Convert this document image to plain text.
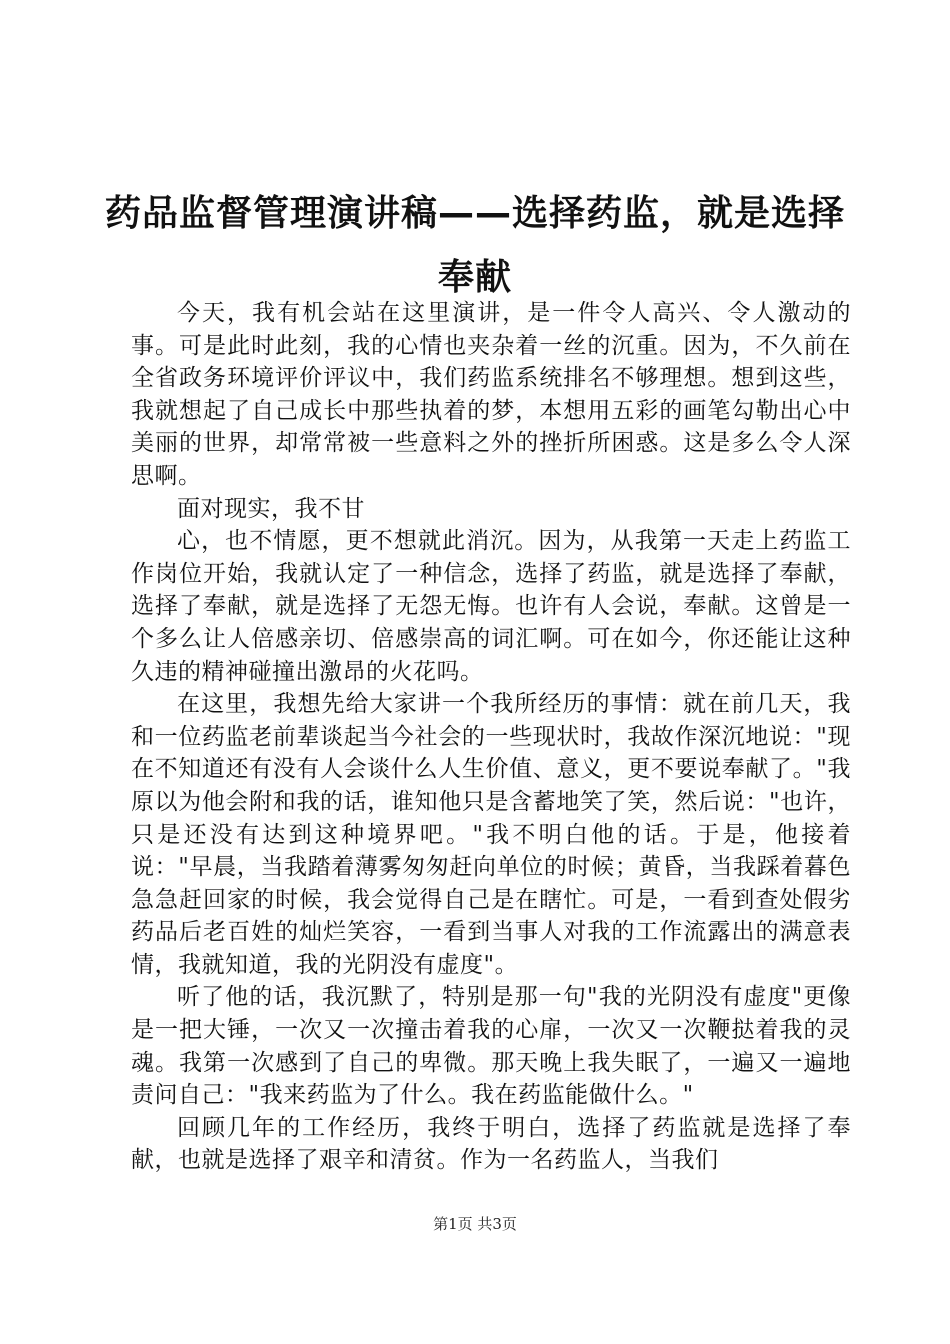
药品监督管理演讲稿——选择药监，就是选择奉献

今天，我有机会站在这里演讲，是一件令人高兴、令人激动的事。可是此时此刻，我的心情也夹杂着一丝的沉重。因为，不久前在全省政务环境评价评议中，我们药监系统排名不够理想。想到这些，我就想起了自己成长中那些执着的梦，本想用五彩的画笔勾勒出心中美丽的世界，却常常被一些意料之外的挫折所困惑。这是多么令人深思啊。

面对现实，我不甘

心，也不情愿，更不想就此消沉。因为，从我第一天走上药监工作岗位开始，我就认定了一种信念，选择了药监，就是选择了奉献，选择了奉献，就是选择了无怨无悔。也许有人会说，奉献。这曾是一个多么让人倍感亲切、倍感崇高的词汇啊。可在如今，你还能让这种久违的精神碰撞出激昂的火花吗。

在这里，我想先给大家讲一个我所经历的事情：就在前几天，我和一位药监老前辈谈起当今社会的一些现状时，我故作深沉地说："现在不知道还有没有人会谈什么人生价值、意义，更不要说奉献了。"我原以为他会附和我的话，谁知他只是含蓄地笑了笑，然后说："也许，只是还没有达到这种境界吧。"我不明白他的话。于是，他接着说："早晨，当我踏着薄雾匆匆赶向单位的时候；黄昏，当我踩着暮色急急赶回家的时候，我会觉得自己是在瞎忙。可是，一看到查处假劣药品后老百姓的灿烂笑容，一看到当事人对我的工作流露出的满意表情，我就知道，我的光阴没有虚度"。

听了他的话，我沉默了，特别是那一句"我的光阴没有虚度"更像是一把大锤，一次又一次撞击着我的心扉，一次又一次鞭挞着我的灵魂。我第一次感到了自己的卑微。那天晚上我失眠了，一遍又一遍地责问自己："我来药监为了什么。我在药监能做什么。"

回顾几年的工作经历，我终于明白，选择了药监就是选择了奉献，也就是选择了艰辛和清贫。作为一名药监人，当我们

第1页 共3页
